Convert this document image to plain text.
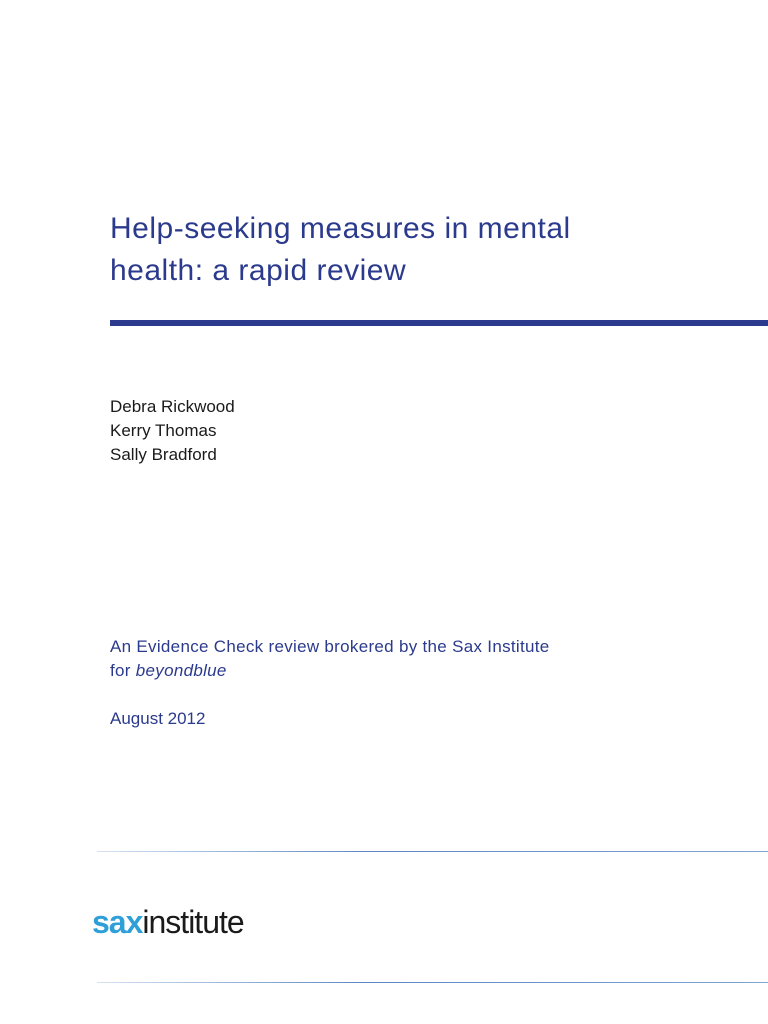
Help-seeking measures in mental
health: a rapid review
Debra Rickwood
Kerry Thomas
Sally Bradford
An Evidence Check review brokered by the Sax Institute
for beyondblue
August 2012
saxinstitute
